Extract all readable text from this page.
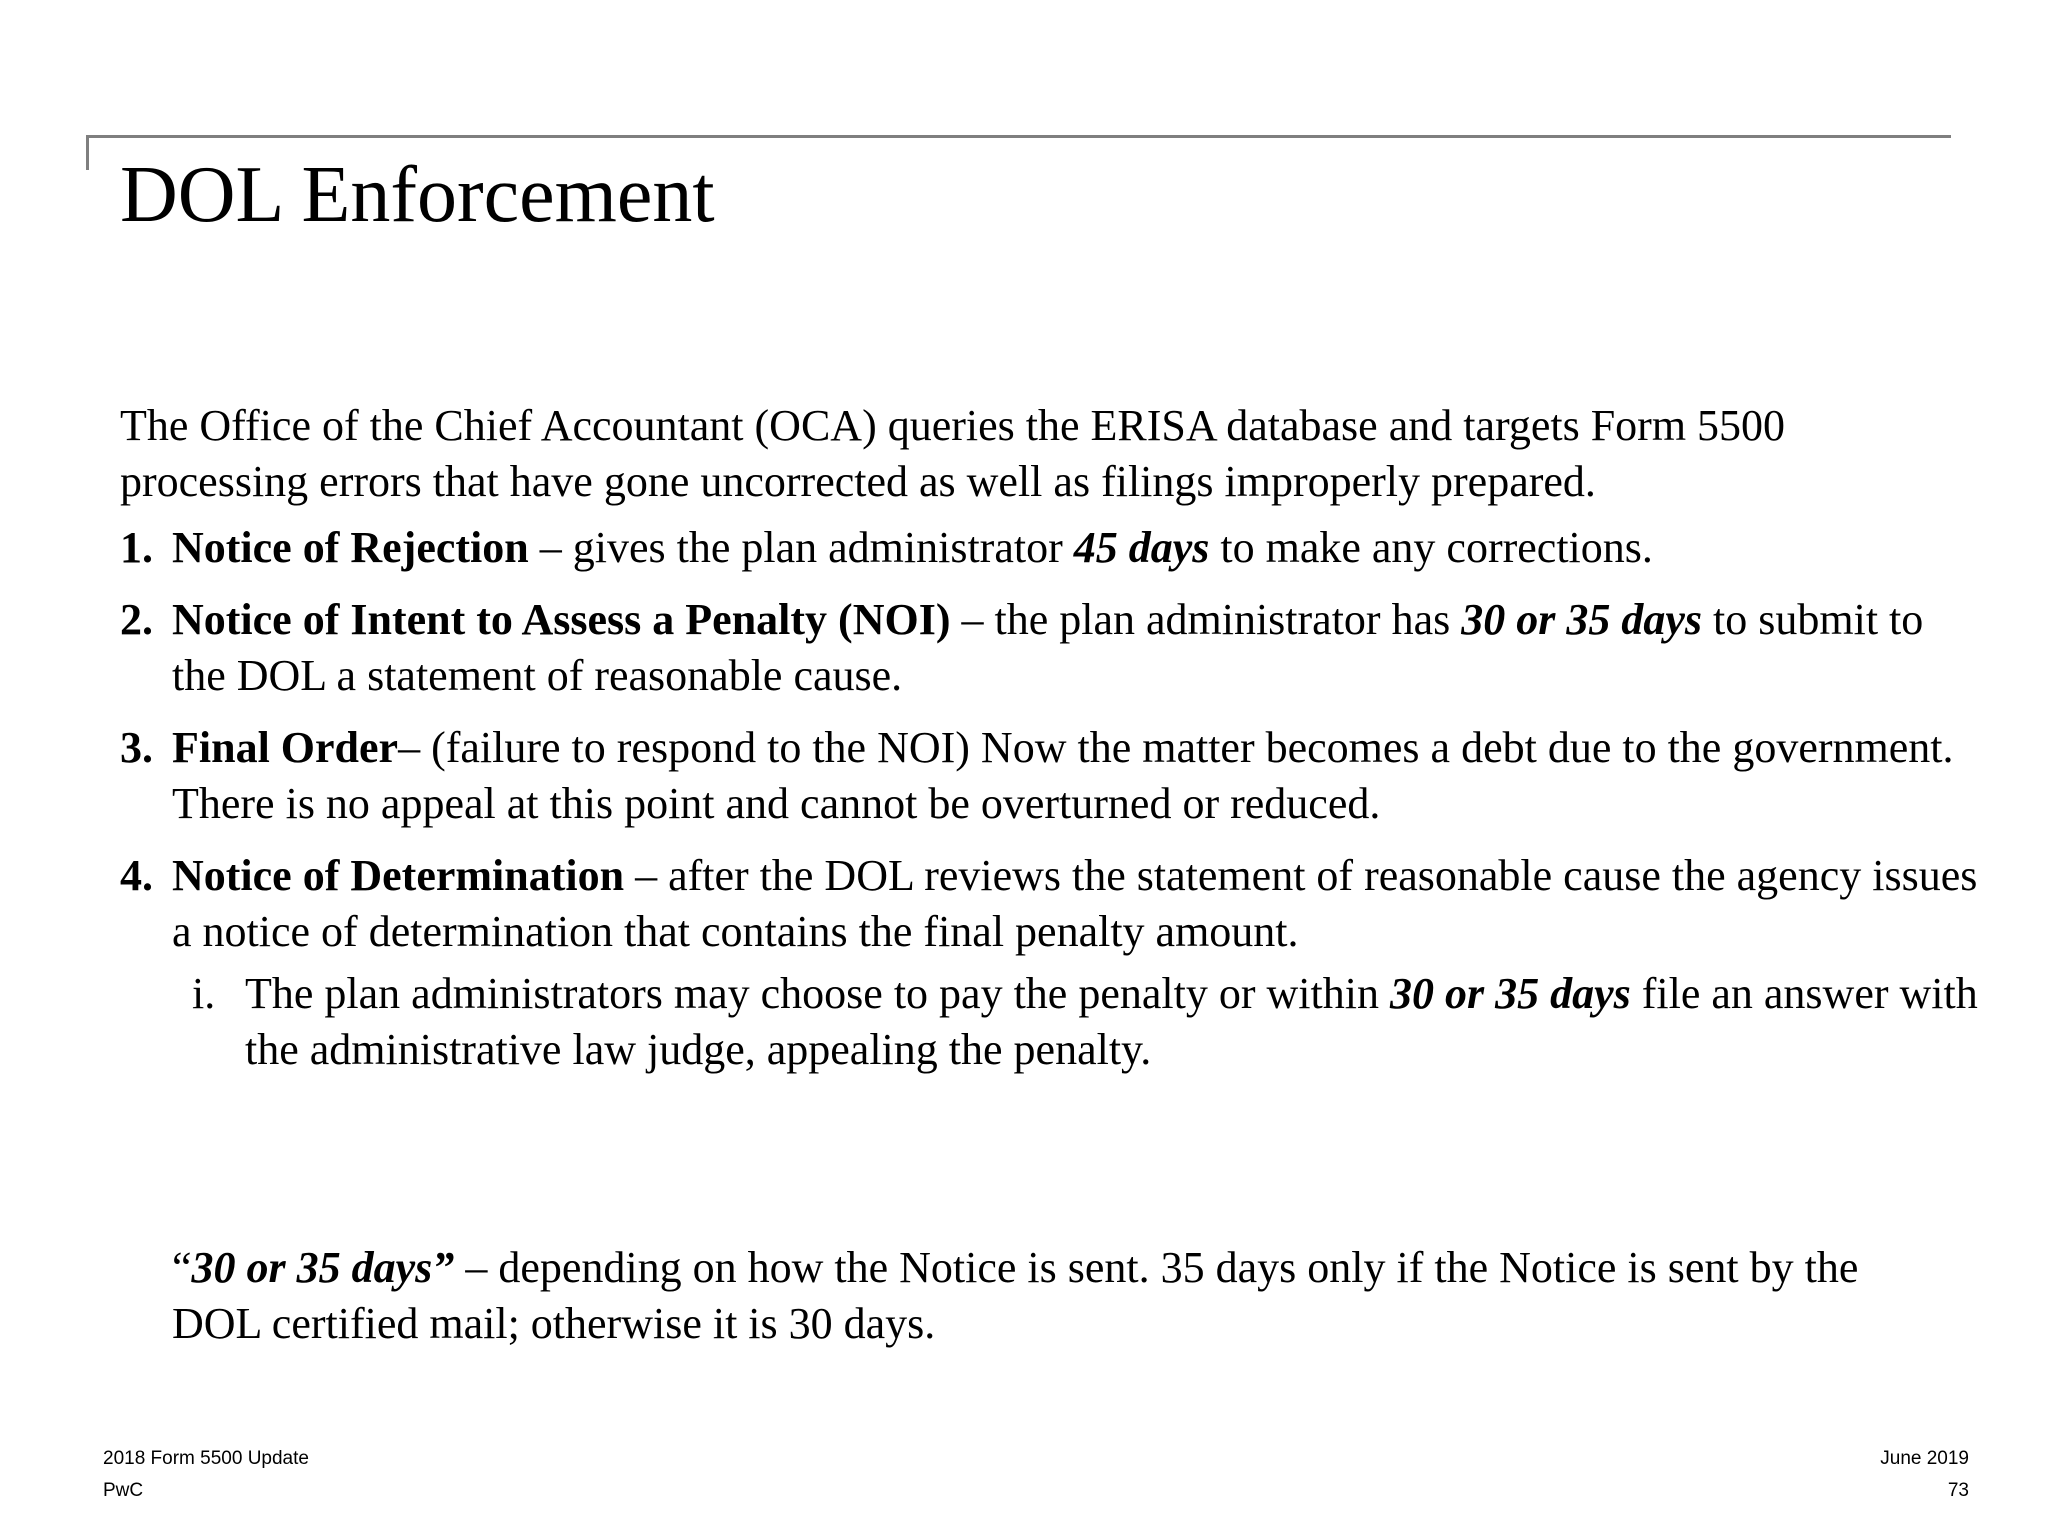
DOL Enforcement

The Office of the Chief Accountant (OCA) queries the ERISA database and targets Form 5500 processing errors that have gone uncorrected as well as filings improperly prepared.

1. Notice of Rejection – gives the plan administrator 45 days to make any corrections.
2. Notice of Intent to Assess a Penalty (NOI) – the plan administrator has 30 or 35 days to submit to the DOL a statement of reasonable cause.
3. Final Order– (failure to respond to the NOI) Now the matter becomes a debt due to the government. There is no appeal at this point and cannot be overturned or reduced.
4. Notice of Determination – after the DOL reviews the statement of reasonable cause the agency issues a notice of determination that contains the final penalty amount.
i. The plan administrators may choose to pay the penalty or within 30 or 35 days file an answer with the administrative law judge, appealing the penalty.
“30 or 35 days” – depending on how the Notice is sent. 35 days only if the Notice is sent by the DOL certified mail; otherwise it is 30 days.
2018 Form 5500 Update
PwC
June 2019
73
